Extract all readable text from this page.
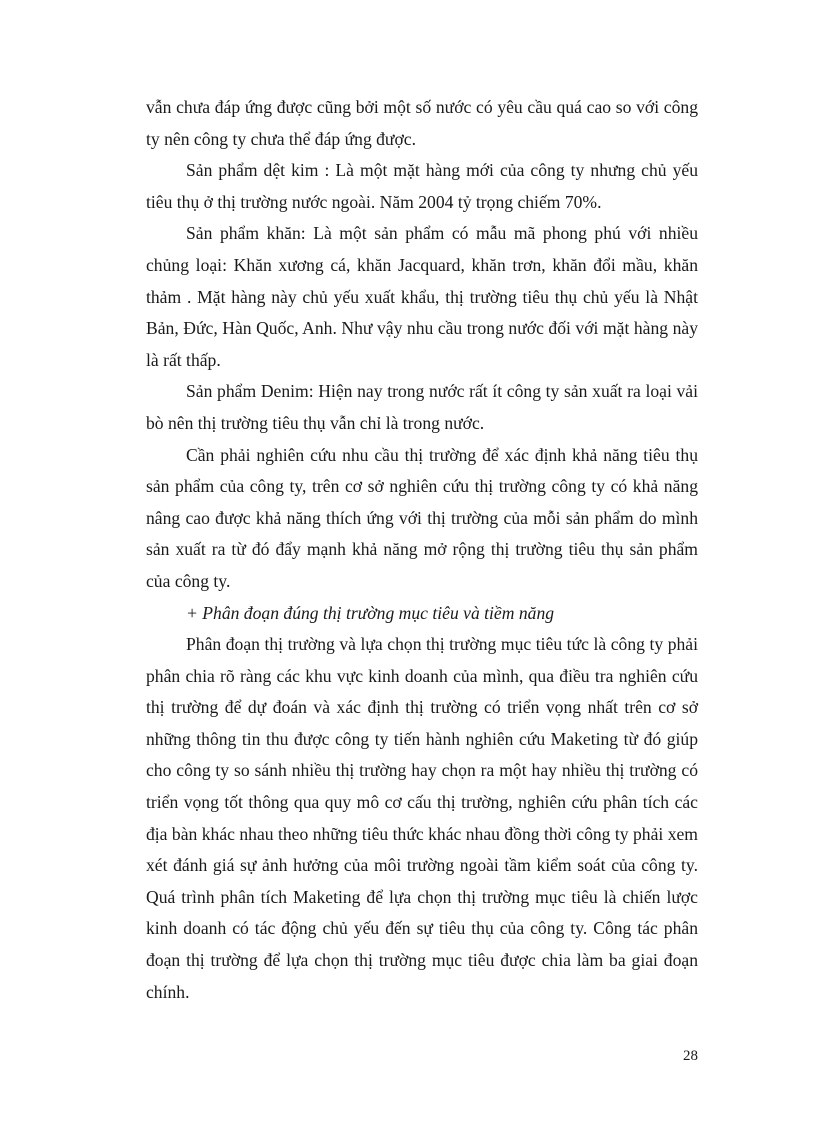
vẫn chưa đáp ứng được cũng bởi một số nước có yêu cầu quá cao so với công ty nên công ty chưa thể đáp ứng được.

Sản phẩm dệt kim : Là một mặt hàng mới của công ty nhưng chủ yếu tiêu thụ ở thị trường nước ngoài. Năm 2004 tỷ trọng chiếm 70%.

Sản phẩm khăn: Là một sản phẩm có mẫu mã phong phú với nhiều chủng loại: Khăn xương cá, khăn Jacquard, khăn trơn, khăn đổi mầu, khăn thảm . Mặt hàng này chủ yếu xuất khẩu, thị trường tiêu thụ chủ yếu là Nhật Bản, Đức, Hàn Quốc, Anh. Như vậy nhu cầu trong nước đối với mặt hàng này là rất thấp.

Sản phẩm Denim: Hiện nay trong nước rất ít công ty sản xuất ra loại vải bò nên thị trường tiêu thụ vẫn chỉ là trong nước.

Cần phải nghiên cứu nhu cầu thị trường để xác định khả năng tiêu thụ sản phẩm của công ty, trên cơ sở nghiên cứu thị trường công ty có khả năng nâng cao được khả năng thích ứng với thị trường của mỗi sản phẩm do mình sản xuất ra từ đó đẩy mạnh khả năng mở rộng thị trường tiêu thụ sản phẩm của công ty.

+ Phân đoạn đúng thị trường mục tiêu và tiềm năng

Phân đoạn thị trường và lựa chọn thị trường mục tiêu tức là công ty phải phân chia rõ ràng các khu vực kinh doanh của mình, qua điều tra nghiên cứu thị trường để dự đoán và xác định thị trường có triển vọng nhất trên cơ sở những thông tin thu được công ty tiến hành nghiên cứu Maketing từ đó giúp cho công ty so sánh nhiều thị trường hay chọn ra một hay nhiều thị trường có triển vọng tốt thông qua quy mô cơ cấu thị trường, nghiên cứu phân tích các địa bàn khác nhau theo những tiêu thức khác nhau đồng thời công ty phải xem xét đánh giá sự ảnh hưởng của môi trường ngoài tầm kiểm soát của công ty. Quá trình phân tích Maketing để lựa chọn thị trường mục tiêu là chiến lược kinh doanh có tác động chủ yếu đến sự tiêu thụ của công ty. Công tác phân đoạn thị trường để lựa chọn thị trường mục tiêu được chia làm ba giai đoạn chính.

28
